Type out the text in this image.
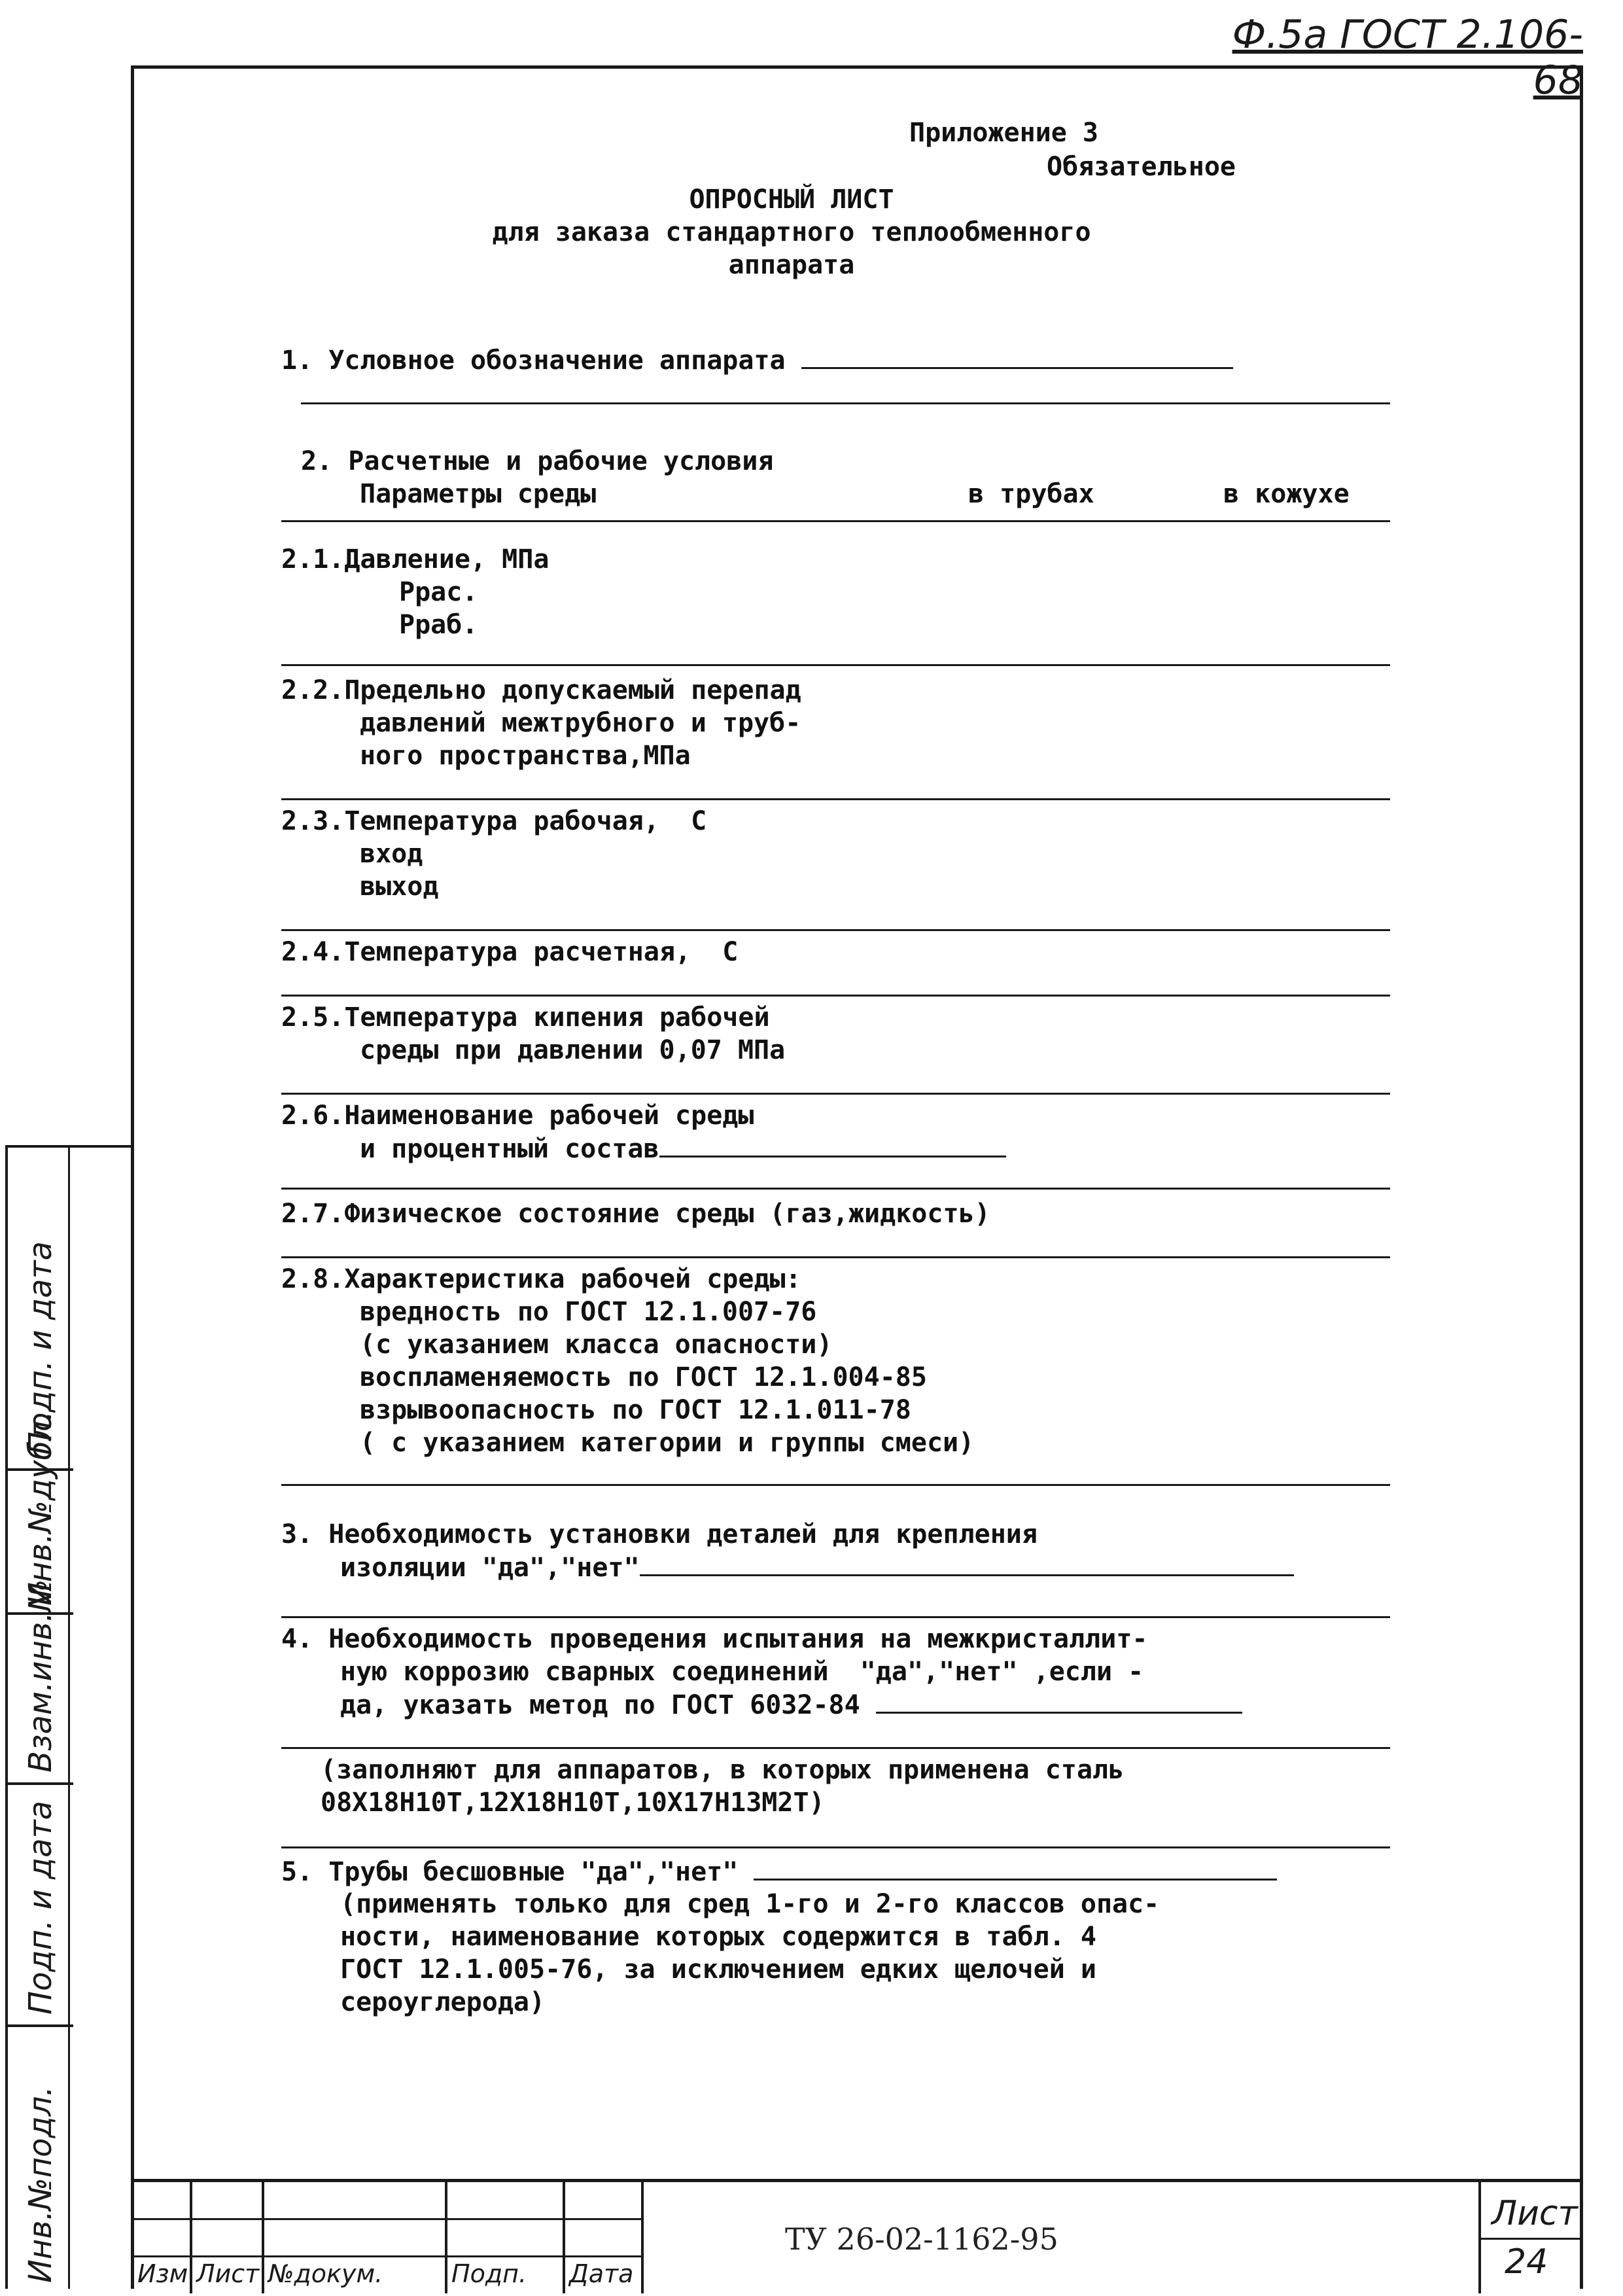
Ф.5а ГОСТ 2.106-68
Приложение 3
Обязательное
ОПРОСНЫЙ ЛИСТ
для заказа стандартного теплообменного
аппарата
1. Условное обозначение аппарата
2. Расчетные и рабочие условия
Параметры среды	в трубах	в кожухе
2.1.Давление, МПа
Ррас.
Рраб.
2.2.Предельно допускаемый перепад
давлений межтрубного и труб-
ного пространства,МПа
2.3.Температура рабочая,  С
вход
выход
2.4.Температура расчетная,  С
2.5.Температура кипения рабочей
среды при давлении 0,07 МПа
2.6.Наименование рабочей среды
и процентный состав
2.7.Физическое состояние среды (газ,жидкость)
2.8.Характеристика рабочей среды:
вредность по ГОСТ 12.1.007-76
(с указанием класса опасности)
воспламеняемость по ГОСТ 12.1.004-85
взрывоопасность по ГОСТ 12.1.011-78
( с указанием категории и группы смеси)
3. Необходимость установки деталей для крепления
изоляции "да","нет"
4. Необходимость проведения испытания на межкристаллит-
ную коррозию сварных соединений  "да","нет" ,если -
да, указать метод по ГОСТ 6032-84
(заполняют для аппаратов, в которых применена сталь
08Х18Н10Т,12Х18Н10Т,10Х17Н13М2Т)
5. Трубы бесшовные "да","нет"
(применять только для сред 1-го и 2-го классов опас-
ности, наименование которых содержится в табл. 4
ГОСТ 12.1.005-76, за исключением едких щелочей и
сероуглерода)
Подп. и дата
Инв.№дубл.
Взам.инв.№
Подп. и дата
Инв.№подл.	Изм Лист №докум.	Подп. Дата
ТУ 26-02-1162-95
Лист
24
